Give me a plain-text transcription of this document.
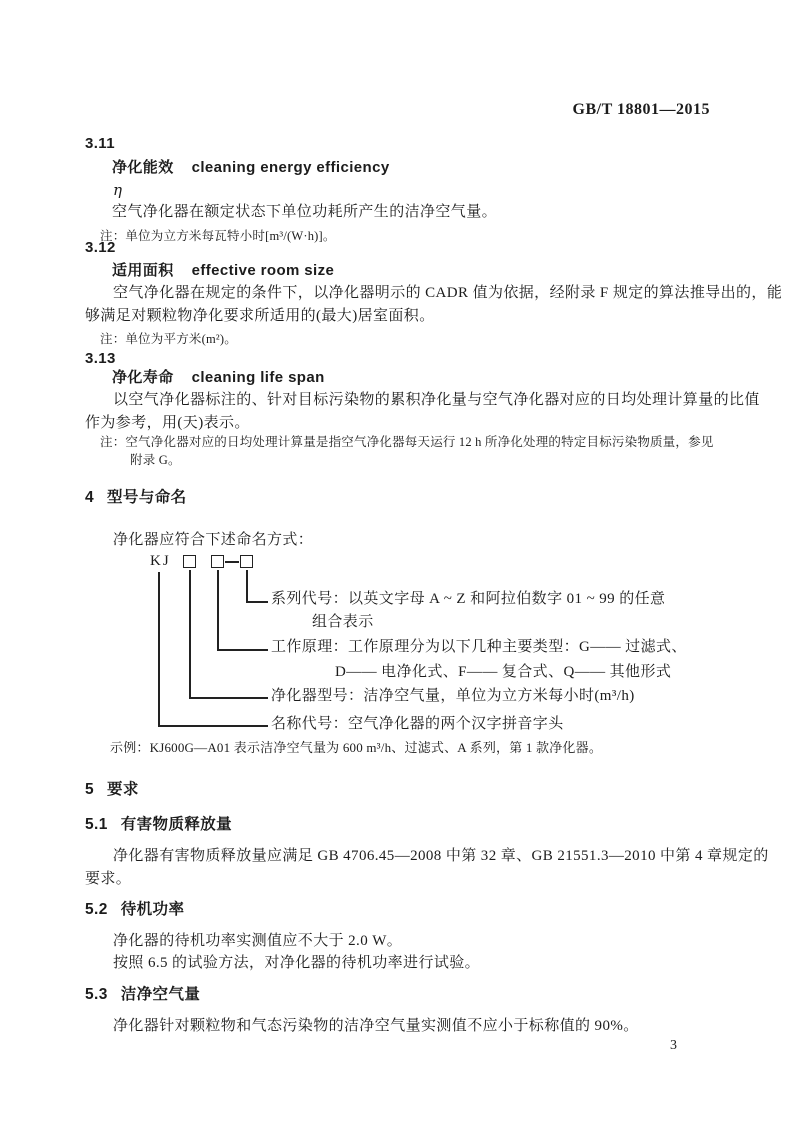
GB/T 18801—2015
3.11
净化能效 cleaning energy efficiency
η
空气净化器在额定状态下单位功耗所产生的洁净空气量。
注：单位为立方米每瓦特小时[m³/(W·h)]。
3.12
适用面积 effective room size
空气净化器在规定的条件下，以净化器明示的 CADR 值为依据，经附录 F 规定的算法推导出的，能
够满足对颗粒物净化要求所适用的(最大)居室面积。
注：单位为平方米(m²)。
3.13
净化寿命 cleaning life span
以空气净化器标注的、针对目标污染物的累积净化量与空气净化器对应的日均处理计算量的比值
作为参考，用(天)表示。
注：空气净化器对应的日均处理计算量是指空气净化器每天运行 12 h 所净化处理的特定目标污染物质量，参见
附录 G。
4 型号与命名
净化器应符合下述命名方式：
KJ
系列代号：以英文字母 A ~ Z 和阿拉伯数字 01 ~ 99 的任意
组合表示
工作原理：工作原理分为以下几种主要类型：G—— 过滤式、
D—— 电净化式、F—— 复合式、Q—— 其他形式
净化器型号：洁净空气量，单位为立方米每小时(m³/h)
名称代号：空气净化器的两个汉字拼音字头
示例：KJ600G—A01 表示洁净空气量为 600 m³/h、过滤式、A 系列，第 1 款净化器。
5 要求
5.1 有害物质释放量
净化器有害物质释放量应满足 GB 4706.45—2008 中第 32 章、GB 21551.3—2010 中第 4 章规定的
要求。
5.2 待机功率
净化器的待机功率实测值应不大于 2.0 W。
按照 6.5 的试验方法，对净化器的待机功率进行试验。
5.3 洁净空气量
净化器针对颗粒物和气态污染物的洁净空气量实测值不应小于标称值的 90%。
3
